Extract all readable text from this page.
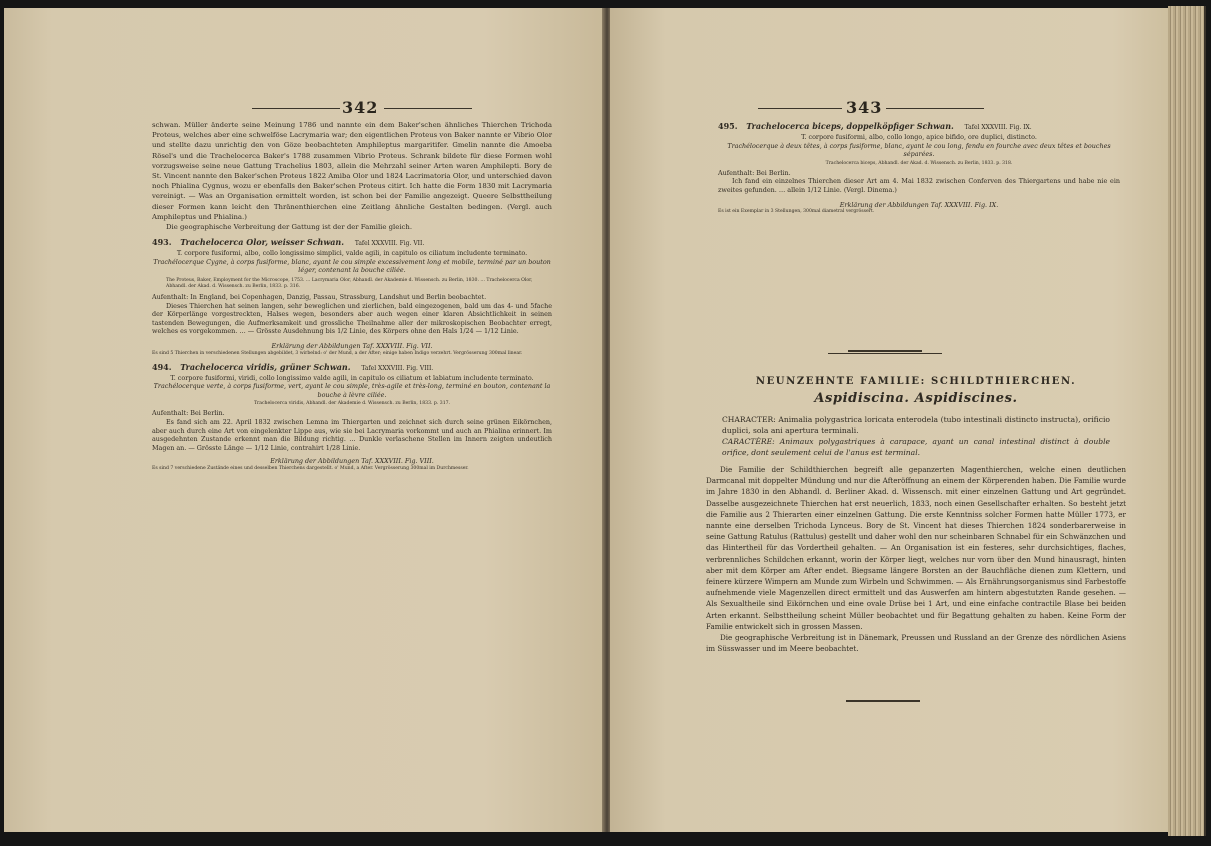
342

schwan. Müller änderte seine Meinung 1786 und nannte ein dem Baker'schen ähnliches Thierchen Trichoda Proteus, welches aber eine schwelföse Lacrymaria war; den eigentlichen Proteus von Baker nannte er Vibrio Olor und stellte dazu unrichtig den von Göze beobachteten Amphileptus margaritifer. Gmelin nannte die Amoeba Rösel's und die Trachelocerca Baker's 1788 zusammen Vibrio Proteus. Schrank bildete für diese Formen wohl vorzugsweise seine neue Gattung Trachelius 1803, allein die Mehrzahl seiner Arten waren Amphilepti. Bory de St. Vincent nannte den Baker'schen Proteus 1822 Amiba Olor und 1824 Lacrimatoria Olor, und unterschied davon noch Phialina Cygnus, wozu er ebenfalls den Baker'schen Proteus citirt. Ich hatte die Form 1830 mit Lacrymaria vereinigt. — Was an Organisation ermittelt worden, ist schon bei der Familie angezeigt. Queere Selbsttheilung dieser Formen kann leicht den Thränenthierchen eine Zeitlang ähnliche Gestalten bedingen. (Vergl. auch Amphileptus und Phialina.)

Die geographische Verbreitung der Gattung ist der der Familie gleich.

493. Trachelocerca Olor, weisser Schwan. Tafel XXXVIII. Fig. VII.

T. corpore fusiformi, albo, collo longissimo simplici, valde agili, in capitulo os ciliatum includente terminato.

Trachélocerque Cygne, à corps fusiforme, blanc, ayant le cou simple excessivement long et mobile, terminé par un bouton léger, contenant la bouche ciliée.

The Proteus, Baker, Employment for the Microscope, 1753. … Lacrymaria Olor, Abhandl. der Akademie d. Wissensch. zu Berlin, 1830. … Trachelocerca Olor, Abhandl. der Akad. d. Wissensch. zu Berlin, 1833. p. 316.

Aufenthalt: In England, bei Copenhagen, Danzig, Passau, Strassburg, Landshut und Berlin beobachtet.

Dieses Thierchen hat seinen langen, sehr beweglichen und zierlichen, bald eingezogenen, bald um das 4- und 5fache der Körperlänge vorgestreckten, Halses wegen, besonders aber auch wegen einer klaren Absichtlichkeit in seinen tastenden Bewegungen, die Aufmerksamkeit und grossliche Theilnahme aller der mikroskopischen Beobachter erregt, welches es vorgekommen. … — Grösste Ausdehnung bis 1/2 Linie, des Körpers ohne den Hals 1/24 — 1/12 Linie.

Erklärung der Abbildungen Taf. XXXVIII. Fig. VII.

Es sind 5 Thierchen in verschiedenen Stellungen abgebildet, 3 wirbelnd: o' der Mund, a der After; einige haben Indigo verzehrt. Vergrösserung 300mal linear.

494. Trachelocerca viridis, grüner Schwan. Tafel XXXVIII. Fig. VIII.

T. corpore fusiformi, viridi, collo longissimo valde agili, in capitulo os ciliatum et labiatum includente terminato.

Trachélocerque verte, à corps fusiforme, vert, ayant le cou simple, très-agile et très-long, terminé en bouton, contenant la bouche à lèvre ciliée.

Trachelocerca viridis, Abhandl. der Akademie d. Wissensch. zu Berlin, 1833. p. 317.

Aufenthalt: Bei Berlin.

Es fand sich am 22. April 1832 zwischen Lemna im Thiergarten und zeichnet sich durch seine grünen Eikörnchen, aber auch durch eine Art von eingelenkter Lippe aus, wie sie bei Lacrymaria vorkommt und auch an Phialina erinnert. Im ausgedehnten Zustande erkennt man die Bildung richtig. … Dunkle verlaschene Stellen im Innern zeigten undeutlich Magen an. — Grösste Länge — 1/12 Linie, contrahirt 1/28 Linie.

Erklärung der Abbildungen Taf. XXXVIII. Fig. VIII.

Es sind 7 verschiedene Zustände eines und desselben Thierchens dargestellt. o' Mund, a After. Vergrösserung 300mal im Durchmesser.

343

495. Trachelocerca biceps, doppelköpfiger Schwan. Tafel XXXVIII. Fig. IX.

T. corpore fusiformi, albo, collo longo, apice bifido, ore duplici, distincto.

Trachélocerque à deux têtes, à corps fusiforme, blanc, ayant le cou long, fendu en fourche avec deux têtes et bouches séparées.

Trachelocerca biceps, Abhandl. der Akad. d. Wissensch. zu Berlin, 1833. p. 318.

Aufenthalt: Bei Berlin.

Ich fand ein einzelnes Thierchen dieser Art am 4. Mai 1832 zwischen Conferven des Thiergartens und habe nie ein zweites gefunden. … allein 1/12 Linie. (Vergl. Dinema.)

Erklärung der Abbildungen Taf. XXXVIII. Fig. IX.

Es ist ein Exemplar in 3 Stellungen, 300mal diametral vergrössert.

NEUNZEHNTE FAMILIE: SCHILDTHIERCHEN.

Aspidiscina. Aspidiscines.

CHARACTER: Animalia polygastrica loricata enterodela (tubo intestinali distincto instructa), orificio duplici, sola ani apertura terminali.

CARACTÈRE: Animaux polygastriques à carapace, ayant un canal intestinal distinct à double orifice, dont seulement celui de l'anus est terminal.

Die Familie der Schildthierchen begreift alle gepanzerten Magenthierchen, welche einen deutlichen Darmcanal mit doppelter Mündung und nur die Afteröffnung an einem der Körperenden haben. Die Familie wurde im Jahre 1830 in den Abhandl. d. Berliner Akad. d. Wissensch. mit einer einzelnen Gattung und Art gegründet. Dasselbe ausgezeichnete Thierchen hat erst neuerlich, 1833, noch einen Gesellschafter erhalten. So besteht jetzt die Familie aus 2 Thierarten einer einzelnen Gattung. Die erste Kenntniss solcher Formen hatte Müller 1773, er nannte eine derselben Trichoda Lynceus. Bory de St. Vincent hat dieses Thierchen 1824 sonderbarerweise in seine Gattung Ratulus (Rattulus) gestellt und daher wohl den nur scheinbaren Schnabel für ein Schwänzchen und das Hintertheil für das Vordertheil gehalten. — An Organisation ist ein festeres, sehr durchsichtiges, flaches, verbrennliches Schildchen erkannt, worin der Körper liegt, welches nur vorn über den Mund hinausragt, hinten aber mit dem Körper am After endet. Biegsame längere Borsten an der Bauchfläche dienen zum Klettern, und feinere kürzere Wimpern am Munde zum Wirbeln und Schwimmen. — Als Ernährungsorganismus sind Farbestoffe aufnehmende viele Magenzellen direct ermittelt und das Auswerfen am hintern abgestutzten Rande gesehen. — Als Sexualtheile sind Eikörnchen und eine ovale Drüse bei 1 Art, und eine einfache contractile Blase bei beiden Arten erkannt. Selbsttheilung scheint Müller beobachtet und für Begattung gehalten zu haben. Keine Form der Familie entwickelt sich in grossen Massen.

Die geographische Verbreitung ist in Dänemark, Preussen und Russland an der Grenze des nördlichen Asiens im Süsswasser und im Meere beobachtet.
